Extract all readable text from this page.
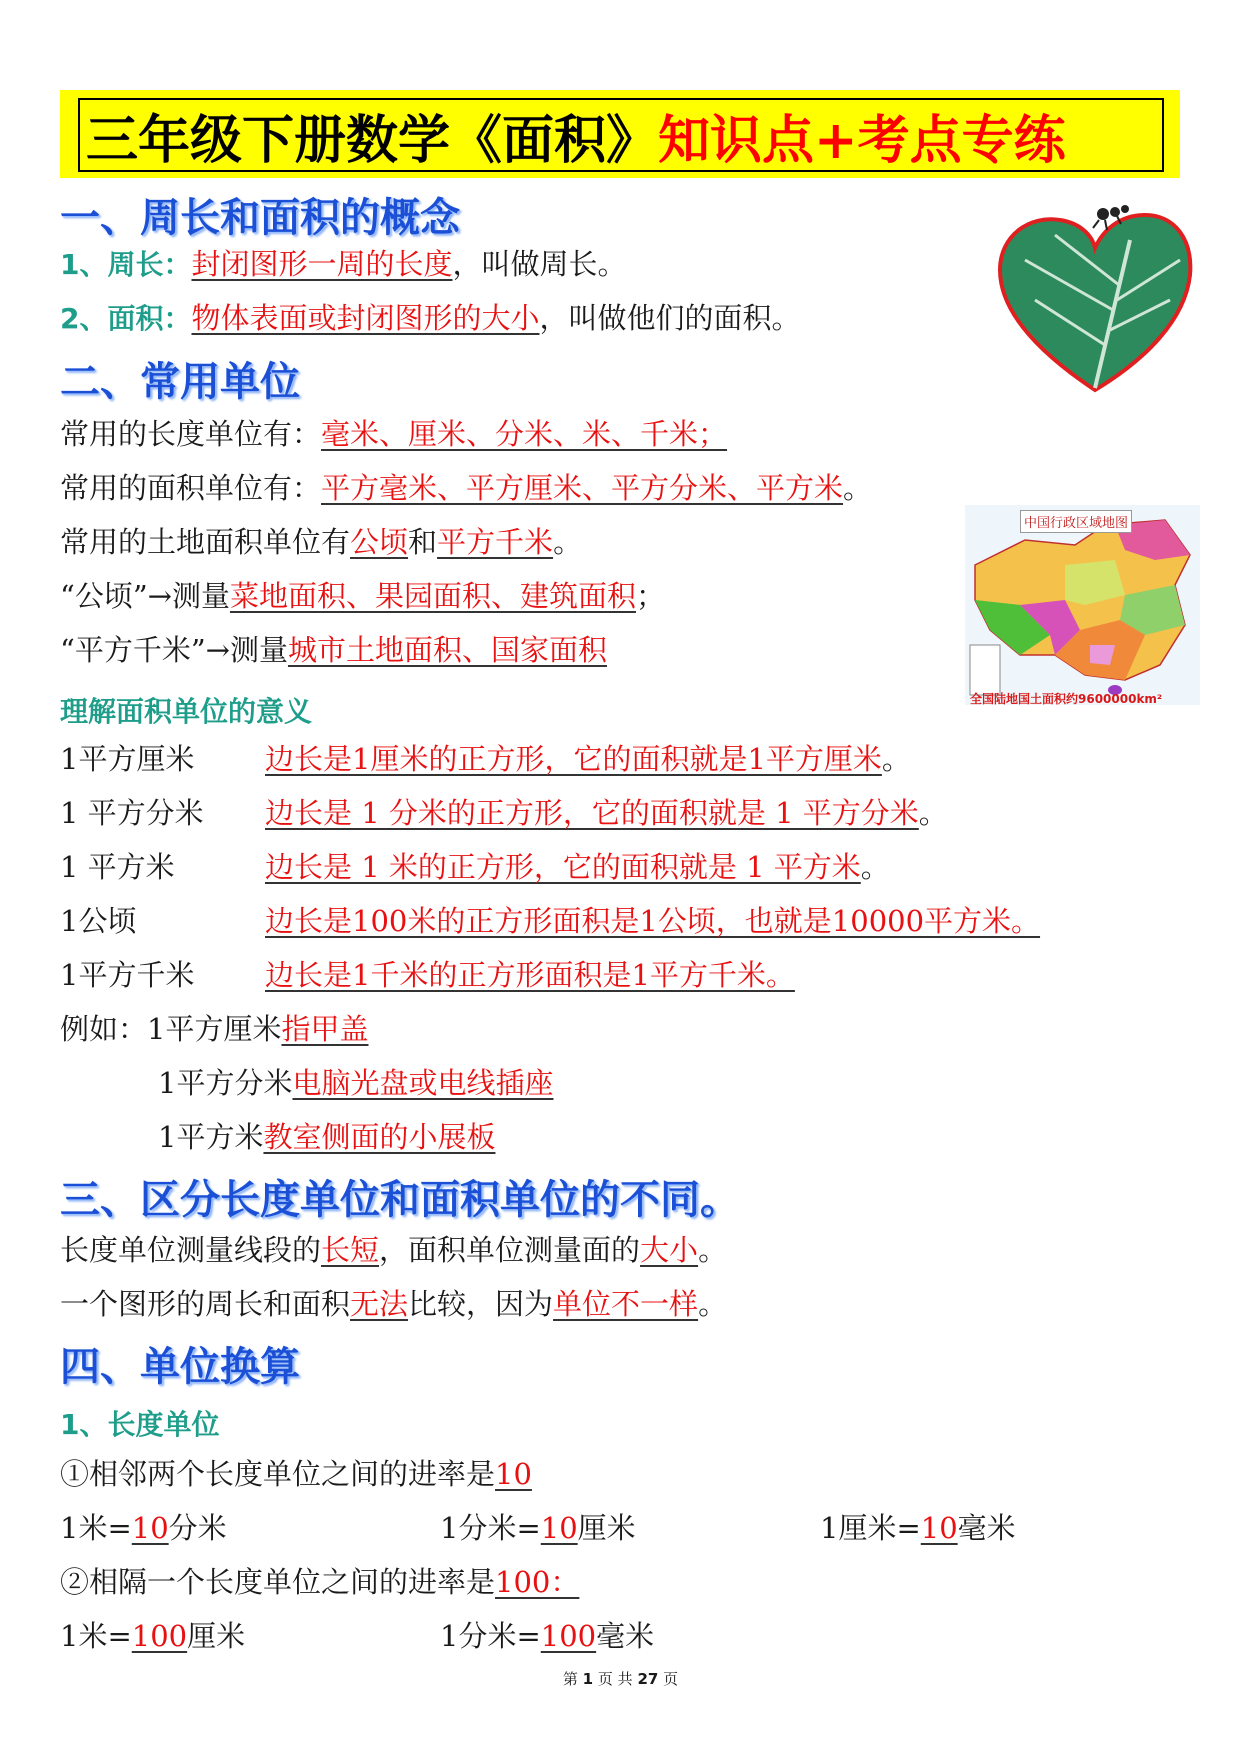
三年级下册数学《面积》 知识点+考点专练
一、周长和面积的概念
1、周长：封闭图形一周的长度，叫做周长。
2、面积：物体表面或封闭图形的大小，叫做他们的面积。
二、常用单位
常用的长度单位有：毫米、厘米、分米、米、千米；
常用的面积单位有：平方毫米、平方厘米、平方分米、平方米。
常用的土地面积单位有公顷和平方千米。
“公顷”→测量菜地面积、果园面积、建筑面积；
“平方千米”→测量城市土地面积、国家面积
中国行政区域地图
全国陆地国土面积约9600000km²
理解面积单位的意义
1平方厘米 边长是1厘米的正方形，它的面积就是1平方厘米。
1 平方分米 边长是 1 分米的正方形，它的面积就是 1 平方分米。
1 平方米	边长是 1 米的正方形，它的面积就是 1 平方米。
1公顷	边长是100米的正方形面积是1公顷，也就是10000平方米。
1平方千米 边长是1千米的正方形面积是1平方千米。
例如：1平方厘米指甲盖
1平方分米电脑光盘或电线插座
1平方米教室侧面的小展板
三、区分长度单位和面积单位的不同。
长度单位测量线段的长短，面积单位测量面的大小。
一个图形的周长和面积无法比较，因为单位不一样。
四、单位换算
1、长度单位
①相邻两个长度单位之间的进率是10
1米=10分米	1分米=10厘米	1厘米=10毫米
②相隔一个长度单位之间的进率是100：
1米=100厘米	1分米=100毫米
第 1 页 共 27 页
